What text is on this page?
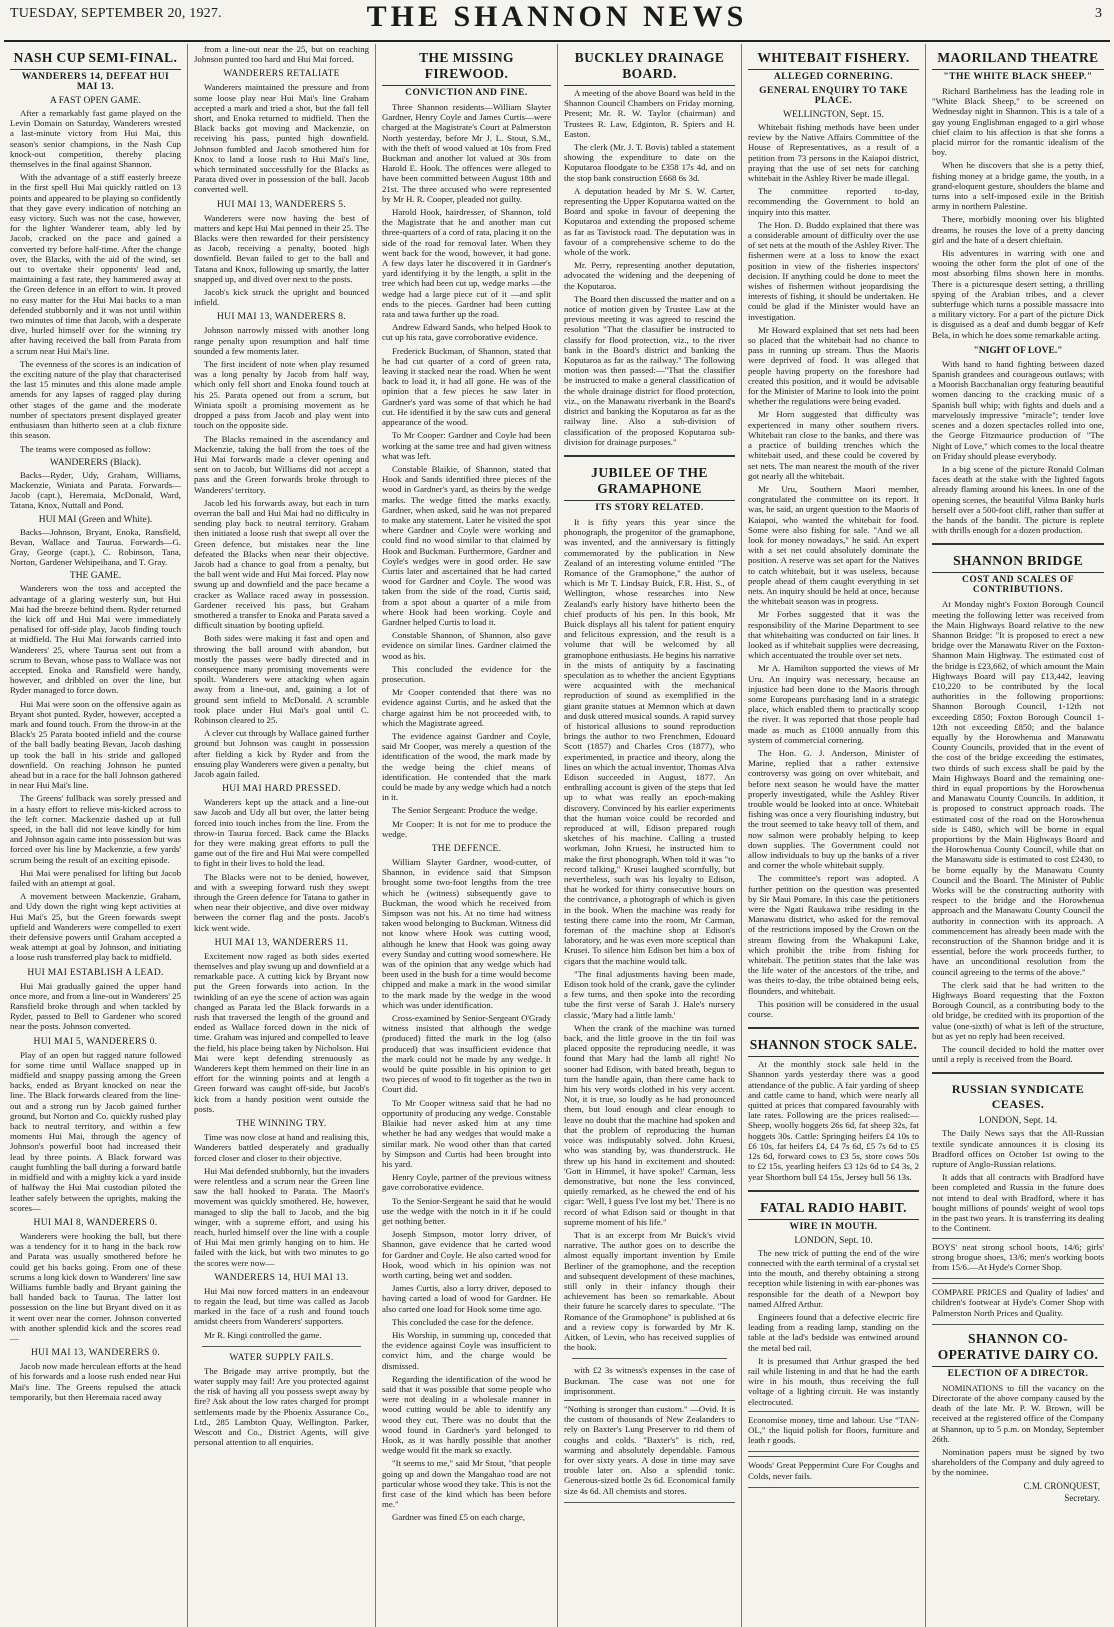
TUESDAY, SEPTEMBER 20, 1927.	THE SHANNON NEWS	3
NASH CUP SEMI-FINAL.
WANDERERS 14, DEFEAT HUI MAI 13.
A FAST OPEN GAME.

After a remarkably fast game played on the Levin Domain on Saturday, Wanderers wrested a last-minute victory from Hui Mai, this season's senior champions, in the Nash Cup knock-out competition, thereby placing themselves in the final against Shannon.

With the advantage of a stiff easterly breeze in the first spell Hui Mai quickly rattled on 13 points and appeared to be playing so confidently that they gave every indication of notching an easy victory. Such was not the case, however, for the lighter Wanderer team, ably led by Jacob, cracked on the pace and gained a converted try before half-time. After the change over, the Blacks, with the aid of the wind, set out to overtake their opponents' lead and, maintaining a fast rate, they hammered away at the Green defence in an effort to win. It proved no easy matter for the Hui Mai backs to a man defended stubbornly and it was not until within two minutes of time that Jacob, with a desperate dive, hurled himself over for the winning try after having received the ball from Parata from a scrum near Hui Mai's line.

The evenness of the scores is an indication of the exciting nature of the play that characterised the last 15 minutes and this alone made ample amends for any lapses of ragged play during other stages of the game and the moderate number of spectators present displayed greater enthusiasm than hitherto seen at a club fixture this season.

The teams were composed as follow:

WANDERERS (Black).

Backs—Ryder, Udy, Graham, Williams, Mackenzie, Winiata and Parata. Forwards—Jacob (capt.), Heremaia, McDonald, Ward, Tatana, Knox, Nuttall and Pond.

HUI MAI (Green and White).

Backs—Johnson, Bryant, Enoka, Ransfield, Bevan, Wallace and Taurua. Forwards—G. Gray, George (capt.), C. Robinson, Tana, Norton, Gardener Wehipeihana, and T. Gray.

THE GAME.

Wanderers won the toss and accepted the advantage of a glaring westerly sun, but Hui Mai had the breeze behind them. Ryder returned the kick off and Hui Mai were immediately penalised for off-side play, Jacob finding touch at midfield. The Hui Mai forwards carried into Wanderers' 25, where Taurua sent out from a scrum to Bevan, whose pass to Wallace was not accepted. Enoka and Ransfield were handy, however, and dribbled on over the line, but Ryder managed to force down.

Hui Mai were soon on the offensive again as Bryant shot punted. Ryder, however, accepted a mark and found touch. From the throw-in at the Black's 25 Parata booted infield and the course of the ball badly beating Bevan, Jacob dashing up took the ball in his stride and galloped downfield. On reaching Johnson he punted ahead but in a race for the ball Johnson gathered in near Hui Mai's line.

The Greens' fullback was sorely pressed and in a hasty effort to relieve mis-kicked across to the left corner. Mackenzie dashed up at full speed, in the ball did not leave kindly for him and Johnson again came into possession but was forced over his line by Mackenzie, a few yards' scrum being the result of an exciting episode.

Hui Mai were penalised for lifting but Jacob failed with an attempt at goal.

A movement between Mackenzie, Graham, and Udy down the right wing kept activities at Hui Mai's 25, but the Green forwards swept upfield and Wanderers were compelled to exert their defensive powers until Graham accepted a weak attempt at goal by Johnson, and initiating a loose rush transferred play back to midfield.

HUI MAI ESTABLISH A LEAD.

Hui Mai gradually gained the upper hand once more, and from a line-out in Wanderers' 25 Ransfield broke through and when tackled by Ryder, passed to Bell to Gardener who scored near the posts. Johnson converted.

HUI MAI 5, WANDERERS 0.

Play of an open but ragged nature followed for some time until Wallace snapped up in midfield and snappy passing among the Green backs, ended as Bryant knocked on near the line. The Black forwards cleared from the line-out and a strong run by Jacob gained further ground, but Norton and Co. quickly rushed play back to neutral territory, and within a few moments Hui Mai, through the agency of Johnson's powerful boot had increased their lead by three points. A Black forward was caught fumbling the ball during a forward battle in midfield and with a mighty kick a yard inside of halfway the Hui Mai custodian piloted the leather safely between the uprights, making the scores—

HUI MAI 8, WANDERERS 0.

Wanderers were hooking the ball, but there was a tendency for it to hang in the back row and Parata was usually smothered before he could get his backs going. From one of these scrums a long kick down to Wanderers' line saw Williams fumble badly and Bryant gaining the ball handed back to Taurua. The latter lost possession on the line but Bryant dived on it as it went over near the corner. Johnson converted with another splendid kick and the scores read—

HUI MAI 13, WANDERERS 0.

Jacob now made herculean efforts at the head of his forwards and a loose rush ended near Hui Mai's line. The Greens repulsed the attack temporarily, but then Heremaia raced away

from a line-out near the 25, but on reaching Johnson punted too hard and Hui Mai forced.

WANDERERS RETALIATE

Wanderers maintained the pressure and from some loose play near Hui Mai's line Graham accepted a mark and tried a shot, but the fall fell short, and Enoka returned to midfield. Then the Black backs got moving and Mackenzie, on receiving his pass, punted high downfield. Johnson fumbled and Jacob smothered him for Knox to land a loose rush to Hui Mai's line, which terminated successfully for the Blacks as Parata dived over in possession of the ball. Jacob converted well.

HUI MAI 13, WANDERERS 5.

Wanderers were now having the best of matters and kept Hui Mai penned in their 25. The Blacks were then rewarded for their persistency as Jacob, receiving a penalty, booted high downfield. Bevan failed to get to the ball and Tatana and Knox, following up smartly, the latter snapped up, and dived over next to the posts.

Jacob's kick struck the upright and bounced infield.

HUI MAI 13, WANDERERS 8.

Johnson narrowly missed with another long range penalty upon resumption and half time sounded a few moments later.

The first incident of note when play resumed was a long penalty by Jacob from half way, which only fell short and Enoka found touch at his 25. Parata opened out from a scrum, but Winiata spoilt a promising movement as he dropped a pass from Jacob and play went into touch on the opposite side.

The Blacks remained in the ascendancy and Mackenzie, taking the ball from the toes of the Hui Mai forwards made a clever opening and sent on to Jacob, but Williams did not accept a pass and the Green forwards broke through to Wanderers' territory.

Jacob led his forwards away, but each in turn overran the ball and Hui Mai had no difficulty in sending play back to neutral territory. Graham then initiated a loose rush that swept all over the Green defence, but mistakes near the line defeated the Blacks when near their objective. Jacob had a chance to goal from a penalty, but the ball went wide and Hui Mai forced. Play now swung up and downfield and the pace became a cracker as Wallace raced away in possession. Gardener received his pass, but Graham smothered a transfer to Enoka and Parata saved a difficult situation by booting upfield.

Both sides were making it fast and open and throwing the ball around with abandon, but mostly the passes were badly directed and in consequence many promising movements were spoilt. Wanderers were attacking when again away from a line-out, and, gaining a lot of ground sent infield to McDonald. A scramble took place under Hui Mai's goal until C. Robinson cleared to 25.

A clever cut through by Wallace gained further ground but Johnson was caught in possession after fielding a kick by Ryder and from the ensuing play Wanderers were given a penalty, but Jacob again failed.

HUI MAI HARD PRESSED.

Wanderers kept up the attack and a line-out saw Jacob and Udy all but over, the latter being forced into touch inches from the line. From the throw-in Taurua forced. Back came the Blacks for they were making great efforts to pull the game out of the fire and Hui Mai were compelled to fight in their lives to hold the lead.

The Blacks were not to be denied, however, and with a sweeping forward rush they swept through the Green defence for Tatana to gather in when near their objective, and dive over midway between the corner flag and the posts. Jacob's kick went wide.

HUI MAI 13, WANDERERS 11.

Excitement now raged as both sides exerted themselves and play swung up and downfield at a remarkable pace. A cutting kick by Bryant now put the Green forwards into action. In the twinkling of an eye the scene of action was again changed as Parata led the Black forwards in a rush that traversed the length of the ground and ended as Wallace forced down in the nick of time. Graham was injured and compelled to leave the field, his place being taken by Nicholson. Hui Mai were kept defending strenuously as Wanderers kept them hemmed on their line in an effort for the winning points and at length a Green forward was caught off-side, but Jacob's kick from a handy position went outside the posts.

THE WINNING TRY.

Time was now close at hand and realising this, Wanderers battled desperately and gradually forced closer and closer to their objective.

Hui Mai defended stubbornly, but the invaders were relentless and a scrum near the Green line saw the ball hooked to Parata. The Maori's movement was quickly smothered. He, however, managed to slip the ball to Jacob, and the big winger, with a supreme effort, and using his reach, hurled himself over the line with a couple of Hui Mai men grimly hanging on to him. He failed with the kick, but with two minutes to go the scores were now—

WANDERERS 14, HUI MAI 13.

Hui Mai now forced matters in an endeavour to regain the lead, but time was called as Jacob marked in the face of a rush and found touch amidst cheers from Wanderers' supporters.

Mr R. Kingi controlled the game.

WATER SUPPLY FAILS.

The Brigade may arrive promptly, but the water supply may fail! Are you protected against the risk of having all you possess swept away by fire? Ask about the low rates charged for prompt settlements made by the Phoenix Assurance Co., Ltd., 285 Lambton Quay, Wellington. Parker, Wescott and Co., District Agents, will give personal attention to all enquiries.

THE MISSING FIREWOOD.
CONVICTION AND FINE.

Three Shannon residents—William Slayter Gardner, Henry Coyle and James Curtis—were charged at the Magistrate's Court at Palmerston North yesterday, before Mr J. L. Stout, S.M., with the theft of wood valued at 10s from Fred Buckman and another lot valued at 30s from Harold E. Hook. The offences were alleged to have been committed between August 18th and 21st. The three accused who were represented by Mr H. R. Cooper, pleaded not guilty.

Harold Hook, hairdresser, of Shannon, told the Magistrate that he and another man cut three-quarters of a cord of rata, placing it on the side of the road for removal later. When they went back for the wood, however, it had gone. A few days later he discovered it in Gardner's yard identifying it by the length, a split in the tree which had been cut up, wedge marks —the wedge had a large piece cut of it —and split ends to the pieces. Gardner had been cutting rata and tawa further up the road.

Andrew Edward Sands, who helped Hook to cut up his rata, gave corroborative evidence.

Frederick Buckman, of Shannon, stated that he had cut quarter of a cord of green rata, leaving it stacked near the road. When he went back to load it, it had all gone. He was of the opinion that a few pieces he saw later in Gardner's yard was some of that which he had cut. He identified it by the saw cuts and general appearance of the wood.

To Mr Cooper: Gardner and Coyle had been working at the same tree and had given witness what was left.

Constable Blaikie, of Shannon, stated that Hook and Sands identified three pieces of the wood in Gardner's yard, as theirs by the wedge marks. The wedge fitted the marks exactly. Gardner, when asked, said he was not prepared to make any statement. Later he visited the spot where Gardner and Coyle were working and could find no wood similar to that claimed by Hook and Buckman. Furthermore, Gardner and Coyle's wedges were in good order. He saw Curtis later and ascertained that he had carted wood for Gardner and Coyle. The wood was taken from the side of the road, Curtis said, from a spot about a quarter of a mile from where Hook had been working. Coyle and Gardner helped Curtis to load it.

Constable Shannon, of Shannon, also gave evidence on similar lines. Gardner claimed the wood as his.

This concluded the evidence for the prosecution.

Mr Cooper contended that there was no evidence against Curtis, and he asked that the charge against him be not proceeded with, to which the Magistrate agreed.

The evidence against Gardner and Coyle, said Mr Cooper, was merely a question of the identification of the wood, the mark made by the wedge being the chief means of identification. He contended that the mark could be made by any wedge which had a notch in it.

The Senior Sergeant: Produce the wedge.

Mr Cooper: It is not for me to produce the wedge.

THE DEFENCE.

William Slayter Gardner, wood-cutter, of Shannon, in evidence said that Simpson brought some two-foot lengths from the tree which he (witness) subsequently gave to Buckman, the wood which he received from Simpson was not his. At no time had witness taken wood belonging to Buckman. Witness did not know where Hook was cutting wood, although he knew that Hook was going away every Sunday and cutting wood somewhere. He was of the opinion that any wedge which had been used in the bush for a time would become chipped and make a mark in the wood similar to the mark made by the wedge in the wood which was under identification.

Cross-examined by Senior-Sergeant O'Grady witness insisted that although the wedge (produced) fitted the mark in the log (also produced) that was insufficient evidence that the mark could not be made by any wedge. It would be quite possible in his opinion to get two pieces of wood to fit together as the two in Court did.

To Mr Cooper witness said that he had no opportunity of producing any wedge. Constable Blaikie had never asked him at any time whether he had any wedges that would make a similar mark. No wood other than that carted by Simpson and Curtis had been brought into his yard.

Henry Coyle, partner of the previous witness gave corroborative evidence.

To the Senior-Sergeant he said that he would use the wedge with the notch in it if he could get nothing better.

Joseph Simpson, motor lorry driver, of Shannon, gave evidence that he carted wood for Gardner and Coyle. He also carted wood for Hook, wood which in his opinion was not worth carting, being wet and sodden.

James Curtis, also a lorry driver, deposed to having carted a load of wood for Gardner. He also carted one load for Hook some time ago.

This concluded the case for the defence.

His Worship, in summing up, conceded that the evidence against Coyle was insufficient to convict him, and the charge would be dismissed.

Regarding the identification of the wood he said that it was possible that some people who were not dealing in a wholesale manner in wood cutting would be able to identify any wood they cut. There was no doubt that the wood found in Gardner's yard belonged to Hook, as it was hardly possible that another wedge would fit the mark so exactly.

"It seems to me," said Mr Stout, "that people going up and down the Mangahao road are not particular whose wood they take. This is not the first case of the kind which has been before me."

Gardner was fined £5 on each charge,

BUCKLEY DRAINAGE BOARD.

A meeting of the above Board was held in the Shannon Council Chambers on Friday morning. Present; Mr. R. W. Taylor (chairman) and Trustees R. Law, Edginton, R. Spiers and H. Easton.

The clerk (Mr. J. T. Bovis) tabled a statement showing the expenditure to date on the Koputaroa floodgate to be £358 17s 4d, and on the stop bank construction £668 6s 3d.

A deputation headed by Mr S. W. Carter, representing the Upper Koputaroa waited on the Board and spoke in favour of deepening the Koputaroa and extending the proposed scheme as far as Tavistock road. The deputation was in favour of a comprehensive scheme to do the whole of the work.

Mr. Perry, representing another deputation, advocated the widening and the deepening of the Koputaroa.

The Board then discussed the matter and on a notice of motion given by Trustee Law at the previous meeting it was agreed to rescind the resolution "That the classifier be instructed to classify for flood protection, viz., to the river bank in the Board's district and banking the Koputaroa as far as the railway." The following motion was then passed:—"That the classifier be instructed to make a general classification of the whole drainage district for flood protection, viz., on the Manawatu riverbank in the Board's district and banking the Koputaroa as far as the railway line. Also a sub-division of classification of the proposed Koputaroa sub-division for drainage purposes."

JUBILEE OF THE GRAMAPHONE
ITS STORY RELATED.

It is fifty years this year since the phonograph, the progenitor of the gramaphone, was invented, and the anniversary is fittingly commemorated by the publication in New Zealand of an interesting volume entitled "The Romance of the Gramophone," the author of which is Mr T. Lindsay Buick, F.R. Hist. S., of Wellington, whose researches into New Zealand's early history have hitherto been the chief products of his pen. In this book, Mr Buick displays all his talent for patient enquiry and felicitous expression, and the result is a volume that will be welcomed by all gramophone enthusiasts. He begins his narrative in the mists of antiquity by a fascinating speculation as to whether the ancient Egyptians were acquainted with the mechanical reproduction of sound as exemplified in the giant granite statues at Memnon which at dawn and dusk uttered musical sounds. A rapid survey of historical allusions to sound reproduction brings the author to two Frenchmen, Edouard Scott (1857) and Charles Cros (1877), who experimented, in practice and theory, along the lines on which the actual inventor, Thomas Alva Edison succeeded in August, 1877. An enthralling account is given of the steps that led up to what was really an epoch-making discovery. Convinced by his earlier experiments that the human voice could be recorded and reproduced at will, Edison prepared rough sketches of his machine. Calling a trusted workman, John Kruesi, he instructed him to make the first phonograph. When told it was "to record talking," Krusei laughed scornfully, but nevertheless, such was his loyalty to Edison, that he worked for thirty consecutive hours on the contrivance, a photograph of which is given in the book. When the machine was ready for testing there came into the room, Mr Carman, foreman of the machine shop at Edison's laboratory, and he was even more sceptical than Krusei. To silence him Edison bet him a box of cigars that the machine would talk.

"The final adjustments having been made, Edison took hold of the crank, gave the cylinder a few turns, and then spoke into the recording tube the first verse of Sarah J. Hale's nursery classic, 'Mary had a little lamb.'

When the crank of the machine was turned back, and the little groove in the tin foil was placed opposite the reproducing needle, it was found that Mary had the lamb all right! No sooner had Edison, with bated breath, begun to turn the handle again, than there came back to him his very words clothed in his very accent. Not, it is true, so loudly as he had pronounced them, but loud enough and clear enough to leave no doubt that the machine had spoken and that the problem of reproducing the human voice was indisputably solved. John Kruesi, who was standing by, was thunderstruck. He threw up his hand in excitement and shouted: 'Gott in Himmel, it have spoke!' Carman, less demonstrative, but none the less convinced, quietly remarked, as he chewed the end of his cigar: 'Well, I guess I've lost my bet.' There is no record of what Edison said or thought in that supreme moment of his life."

That is an excerpt from Mr Buick's vivid narrative. The author goes on to describe the almost equally important invention by Emile Berliner of the gramophone, and the reception and subsequent development of these machines, still only in their infancy though their achievement has been so remarkable. About their future he scarcely dares to speculate. "The Romance of the Gramophone" is published at 6s and a review copy is forwarded by Mr K. Aitken, of Levin, who has received supplies of the book.

with £2 3s witness's expenses in the case of Buckman. The case was not one for imprisonment.

"Nothing is stronger than custom." —Ovid. It is the custom of thousands of New Zealanders to rely on Baxter's Lung Preserver to rid them of coughs and colds. "Baxter's" is rich, red, warming and absolutely dependable. Famous for over sixty years. A dose in time may save trouble later on. Also a splendid tonic. Generous-sized bottle 2s 6d. Economical family size 4s 6d. All chemists and stores.

WHITEBAIT FISHERY.
ALLEGED CORNERING.
GENERAL ENQUIRY TO TAKE PLACE.
WELLINGTON, Sept. 15.

Whitebait fishing methods have been under review by the Native Affairs Committee of the House of Representatives, as a result of a petition from 73 persons in the Kaiapoi district, praying that the use of set nets for catching whitebait in the Ashley River be made illegal.

The committee reported to-day, recommending the Government to hold an inquiry into this matter.

The Hon. D. Buddo explained that there was a considerable amount of difficulty over the use of set nets at the mouth of the Ashley River. The fishermen were at a loss to know the exact position in view of the fisheries inspectors' decision. If anything could be done to meet the wishes of fishermen without jeopardising the interests of fishing, it should be undertaken. He could be glad if the Minister would have an investigation.

Mr Howard explained that set nets had been so placed that the whitebait had no chance to pass in running up stream. Thus the Maoris were deprived of food. It was alleged that people having property on the foreshore had created this position, and it would be advisable for the Minister of Marine to look into the point whether the regulations were being evaded.

Mr Horn suggested that difficulty was experienced in many other southern rivers. Whitebait ran close to the banks, and there was a practice of building trenches which the whitebait used, and these could be covered by set nets. The man nearest the mouth of the river got nearly all the whitebait.

Mr Uru, Southern Maori member, congratulated the committee on its report. It was, he said, an urgent question to the Maoris of Kaiapoi, who wanted the whitebait for food. Some were also fishing for sale. "And we all look for money nowadays," he said. An expert with a set net could absolutely dominate the position. A reserve was set apart for the Natives to catch whitebait, but it was useless, because people ahead of them caught everything in set nets. An inquiry should be held at once, because the whitebait season was in progress.

Mr Forbes suggested that it was the responsibility of the Marine Department to see that whitebaiting was conducted on fair lines. It looked as if whitebait supplies were decreasing, which accentuated the trouble over set nets.

Mr A. Hamilton supported the views of Mr Uru. An inquiry was necessary, because an injustice had been done to the Maoris through some Europeans purchasing land in a strategic place, which enabled them to practically scoop the river. It was reported that those people had made as much as £1000 annually from this system of commercial cornering.

The Hon. G. J. Anderson, Minister of Marine, replied that a rather extensive controversy was going on over whitebait, and before next season he would have the matter properly investigated, while the Ashley River trouble would be looked into at once. Whitebait fishing was once a very flourishing industry, but the trout seemed to take heavy toll of them, and now salmon were probably helping to keep down supplies. The Government could not allow individuals to buy up the banks of a river and corner the whole whitebait supply.

The committee's report was adopted. A further petition on the question was presented by Sir Maui Pomare. In this case the petitioners were the Ngati Raukawa tribe residing in the Manawatu district, who asked for the removal of the restrictions imposed by the Crown on the stream flowing from the Whakapuni Lake, which prohibit the tribe from fishing for whitebait. The petition states that the lake was the life water of the ancestors of the tribe, and was theirs to-day, the tribe obtained being eels, flounders, and whitebait.

This position will be considered in the usual course.

SHANNON STOCK SALE.

At the monthly stock sale held in the Shannon yards yesterday there was a good attendance of the public. A fair yarding of sheep and cattle came to hand, which were nearly all quitted at prices that compared favourably with late rates. Following are the prices realised:—Sheep, woolly hoggets 26s 6d, fat sheep 32s, fat hoggets 30s. Cattle: Springing heifers £4 10s to £6 10s, fat heifers £4, £4 7s 6d, £5 7s 6d to £5 12s 6d, forward cows to £3 5s, store cows 50s to £2 15s, yearling heifers £3 12s 6d to £4 3s, 2 year Shorthorn bull £4 15s, Jersey bull 56 13s.

FATAL RADIO HABIT.
WIRE IN MOUTH.
LONDON, Sept. 10.

The new trick of putting the end of the wire connected with the earth terminal of a crystal set into the mouth, and thereby obtaining a strong reception while listening in with ear-phones was responsible for the death of a Newport boy named Alfred Arthur.

Engineers found that a defective electric fire leading from a reading lamp, standing on the table at the lad's bedside was entwined around the metal bed rail.

It is presumed that Arthur grasped the bed rail while listening in and that he had the earth wire in his mouth, thus receiving the full voltage of a lighting circuit. He was instantly electrocuted.

Economise money, time and labour. Use "TAN-OL," the liquid polish for floors, furniture and leath r goods.

Woods' Great Peppermint Cure For Coughs and Colds, never fails.

MAORILAND THEATRE
"THE WHITE BLACK SHEEP."

Richard Barthelmess has the leading role in "White Black Sheep," to be screened on Wednesday night in Shannon. This is a tale of a gay young Englishman engaged to a girl whose chief claim to his affection is that she forms a placid mirror for the romantic idealism of the boy.

When he discovers that she is a petty thief, fishing money at a bridge game, the youth, in a grand-eloquent gesture, shoulders the blame and turns into a self-imposed exile in the British army in northern Palestine.

There, morbidly mooning over his blighted dreams, he rouses the love of a pretty dancing girl and the hate of a desert chieftain.

His adventures in warring with one and wooing the other form the plot of one of the most absorbing films shown here in months. There is a picturesque desert setting, a thrilling spying of the Arabian tribes, and a clever subterfuge which turns a possible massacre into a military victory. For a part of the picture Dick is disguised as a deaf and dumb beggar of Kefr Bela, in which he does some remarkable acting.

"NIGHT OF LOVE."

With hand to hand fighting between dazed Spanish grandees and courageous outlaws; with a Moorish Bacchanalian orgy featuring beautiful women dancing to the cracking music of a Spanish bull whip; with fights and duels and a marvelously impressive "miracle"; tender love scenes and a dozen spectacles rolled into one, the George Fitzmaurice production of "The Night of Love," which comes to the local theatre on Friday should please everybody.

In a big scene of the picture Ronald Colman faces death at the stake with the lighted fagots already flaming around his knees. In one of the opening scenes, the beautiful Vilma Banky hurls herself over a 500-foot cliff, rather than suffer at the hands of the bandit. The picture is replete with thrills enough for a dozen production.

SHANNON BRIDGE
COST AND SCALES OF CONTRIBUTIONS.

At Monday night's Foxton Borough Council meeting the following letter was received from the Main Highways Board relative to the new Shannon Bridge: "It is proposed to erect a new bridge over the Manawatu River on the Foxton-Shannon Main Highway. The estimated cost of the bridge is £23,662, of which amount the Main Highways Board will pay £13,442, leaving £10,220 to be contributed by the local authorities in the following proportions: Shannon Borough Council, 1-12th not exceeding £850; Foxton Borough Council 1-12th not exceeding £850; and the balance equally by the Horowhenua and Manawatu County Councils, provided that in the event of the cost of the bridge exceeding the estimates, two thirds of such excess shall be paid by the Main Highways Board and the remaining one-third in equal proportions by the Horowhenua and Manawatu County Councils. In addition, it is proposed to construct approach roads. The estimated cost of the road on the Horowhenua side is £480, which will be borne in equal proportions by the Main Highways Board and the Horowhenua County Council, while that on the Manawatu side is estimated to cost £2430, to be borne equally by the Manawatu County Council and the Board. The Minister of Public Works will be the constructing authority with respect to the bridge and the Horowhenua approach and the Manawatu County Council the authority in connection with its approach. A commencement has already been made with the reconstruction of the Shannon bridge and it is essential, before the work proceeds further, to have an unconditional resolution from the council agreeing to the terms of the above."

The clerk said that he had written to the Highways Board requesting that the Foxton Borough Council, as a contributing body to the old bridge, be credited with its proportion of the value (one-sixth) of what is left of the structure, but as yet no reply had been received.

The council decided to hold the matter over until a reply is received from the Board.

RUSSIAN SYNDICATE CEASES.
LONDON, Sept. 14.

The Daily News says that the All-Russian textile syndicate announces it is closing its Bradford offices on October 1st owing to the rupture of Anglo-Russian relations.

It adds that all contracts with Bradford have been completed and Russia in the future does not intend to deal with Bradford, where it has bought millions of pounds' weight of wool tops in the past two years. It is transferring its dealing to the Continent.

BOYS' neat strong school boots, 14/6; girls' strong brogue shoes, 13/6; men's working boots from 15/6.—At Hyde's Corner Shop.

COMPARE PRICES and Quality of ladies' and children's footwear at Hyde's Corner Shop with Palmerston North Prices and Quality.

SHANNON CO-OPERATIVE DAIRY CO.
ELECTION OF A DIRECTOR.

NOMINATIONS to fill the vacancy on the Directorate of the above company caused by the death of the late Mr. P. W. Brown, will be received at the registered office of the Company at Shannon, up to 5 p.m. on Monday, September 26th.

Nomination papers must be signed by two shareholders of the Company and duly agreed to by the nominee.

C.M. CRONQUEST,
Secretary.
